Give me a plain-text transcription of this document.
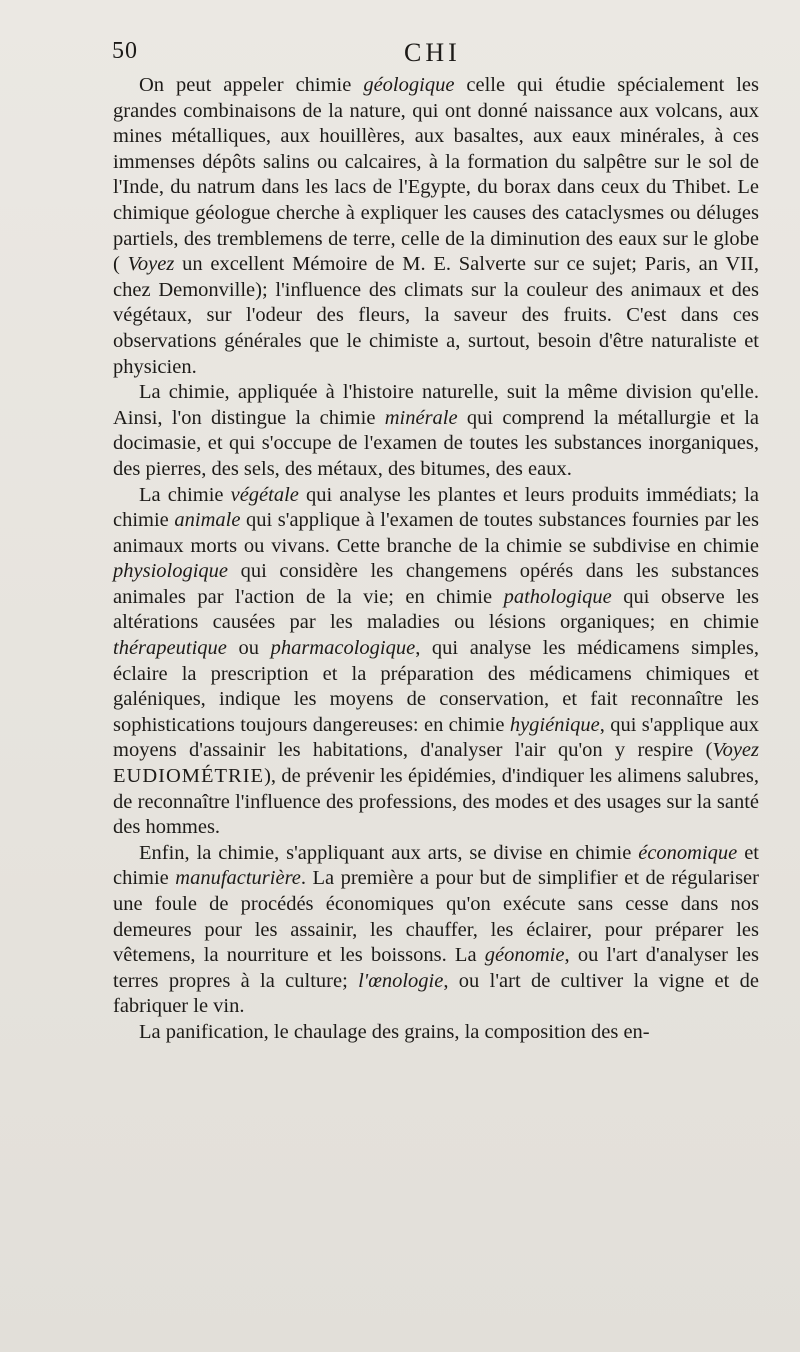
50	CHI

On peut appeler chimie géologique celle qui étudie spécialement les grandes combinaisons de la nature, qui ont donné naissance aux volcans, aux mines métalliques, aux houillères, aux basaltes, aux eaux minérales, à ces immenses dépôts salins ou calcaires, à la formation du salpêtre sur le sol de l'Inde, du natrum dans les lacs de l'Egypte, du borax dans ceux du Thibet. Le chimique géologue cherche à expliquer les causes des cataclysmes ou déluges partiels, des tremblemens de terre, celle de la diminution des eaux sur le globe ( Voyez un excellent Mémoire de M. E. Salverte sur ce sujet; Paris, an VII, chez Demonville); l'influence des climats sur la couleur des animaux et des végétaux, sur l'odeur des fleurs, la saveur des fruits. C'est dans ces observations générales que le chimiste a, surtout, besoin d'être naturaliste et physicien.

La chimie, appliquée à l'histoire naturelle, suit la même division qu'elle. Ainsi, l'on distingue la chimie minérale qui comprend la métallurgie et la docimasie, et qui s'occupe de l'examen de toutes les substances inorganiques, des pierres, des sels, des métaux, des bitumes, des eaux.

La chimie végétale qui analyse les plantes et leurs produits immédiats; la chimie animale qui s'applique à l'examen de toutes substances fournies par les animaux morts ou vivans. Cette branche de la chimie se subdivise en chimie physiologique qui considère les changemens opérés dans les substances animales par l'action de la vie; en chimie pathologique qui observe les altérations causées par les maladies ou lésions organiques; en chimie thérapeutique ou pharmacologique, qui analyse les médicamens simples, éclaire la prescription et la préparation des médicamens chimiques et galéniques, indique les moyens de conservation, et fait reconnaître les sophistications toujours dangereuses: en chimie hygiénique, qui s'applique aux moyens d'assainir les habitations, d'analyser l'air qu'on y respire (Voyez EUDIOMÉTRIE), de prévenir les épidémies, d'indiquer les alimens salubres, de reconnaître l'influence des professions, des modes et des usages sur la santé des hommes.

Enfin, la chimie, s'appliquant aux arts, se divise en chimie économique et chimie manufacturière. La première a pour but de simplifier et de régulariser une foule de procédés économiques qu'on exécute sans cesse dans nos demeures pour les assainir, les chauffer, les éclairer, pour préparer les vêtemens, la nourriture et les boissons. La géonomie, ou l'art d'analyser les terres propres à la culture; l'œnologie, ou l'art de cultiver la vigne et de fabriquer le vin.

La panification, le chaulage des grains, la composition des en-
